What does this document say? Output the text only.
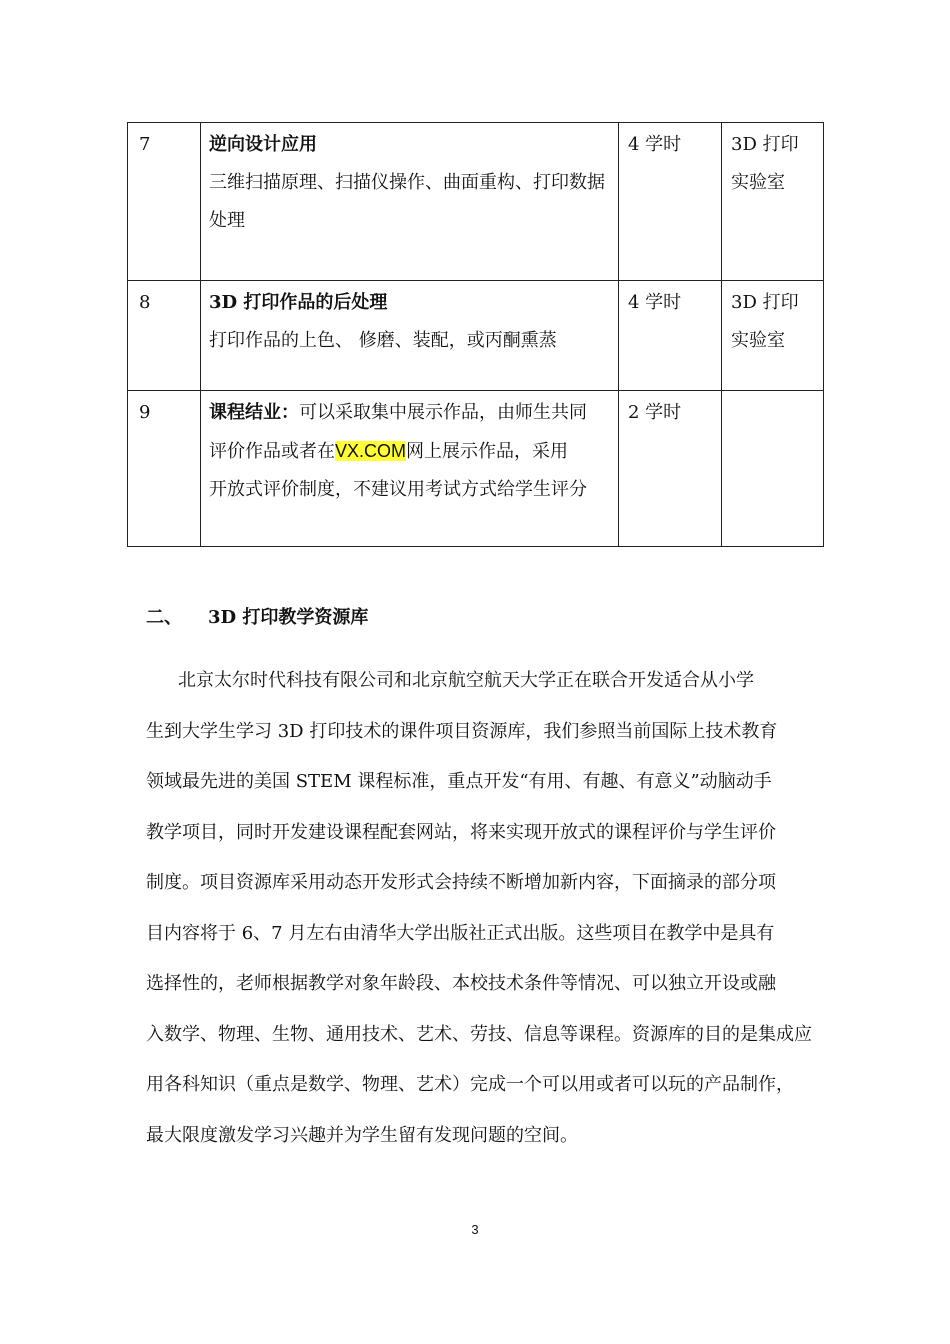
7	逆向设计应用
三维扫描原理、扫描仪操作、曲面重构、打印数据
处理	4 学时	3D 打印
实验室

8	3D 打印作品的后处理
打印作品的上色、 修磨、装配，或丙酮熏蒸	4 学时	3D 打印
实验室

9	课程结业：可以采取集中展示作品，由师生共同
评价作品或者在VX.COM网上展示作品，采用
开放式评价制度，不建议用考试方式给学生评分	2 学时	

二、 3D 打印教学资源库
北京太尔时代科技有限公司和北京航空航天大学正在联合开发适合从小学
生到大学生学习 3D 打印技术的课件项目资源库，我们参照当前国际上技术教育
领域最先进的美国 STEM 课程标准，重点开发“有用、有趣、有意义”动脑动手
教学项目，同时开发建设课程配套网站，将来实现开放式的课程评价与学生评价
制度。项目资源库采用动态开发形式会持续不断增加新内容，下面摘录的部分项
目内容将于 6、7 月左右由清华大学出版社正式出版。这些项目在教学中是具有
选择性的，老师根据教学对象年龄段、本校技术条件等情况、可以独立开设或融
入数学、物理、生物、通用技术、艺术、劳技、信息等课程。资源库的目的是集成应
用各科知识（重点是数学、物理、艺术）完成一个可以用或者可以玩的产品制作，
最大限度激发学习兴趣并为学生留有发现问题的空间。
3
